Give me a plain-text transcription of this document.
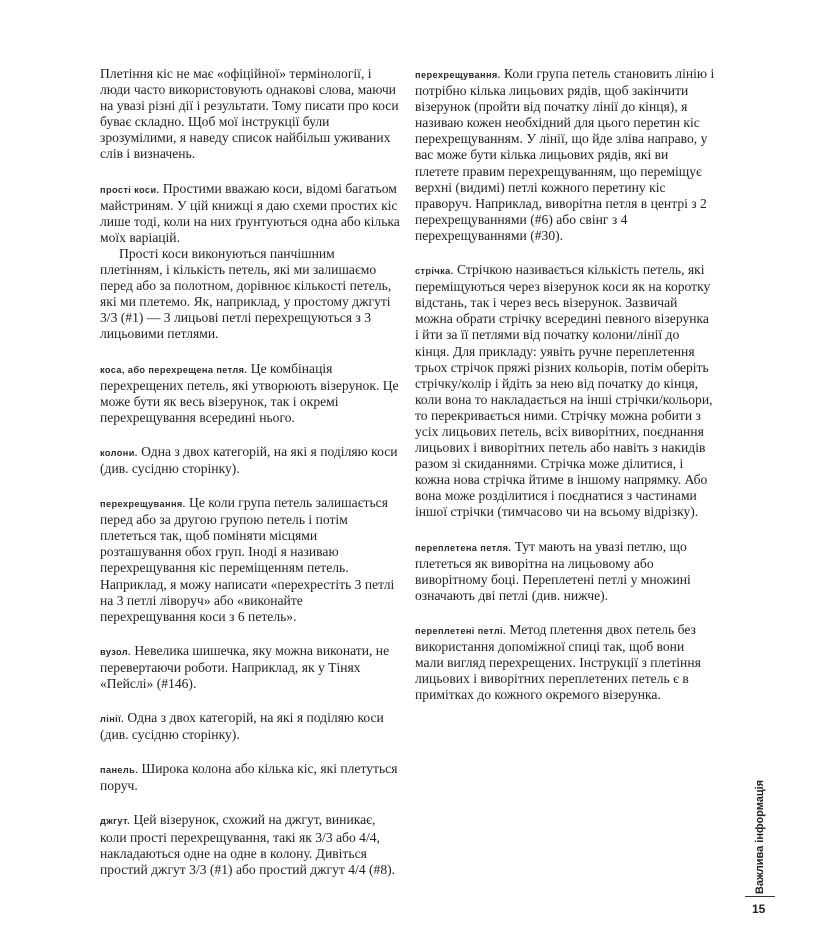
Плетіння кіс не має «офіційної» термінології, і люди часто використовують однакові слова, маючи на увазі різні дії і результати. Тому писати про коси буває складно. Щоб мої інструкції були зрозумілими, я наведу список найбільш уживаних слів і визначень.

прості коси. Простими вважаю коси, відомі багатьом майстриням. У цій книжці я даю схеми простих кіс лише тоді, коли на них ґрунтуються одна або кілька моїх варіацій.

Прості коси виконуються панчішним плетінням, і кількість петель, які ми залишаємо перед або за полотном, дорівнює кількості петель, які ми плетемо. Як, наприклад, у простому джгуті 3/3 (#1) — 3 лицьові петлі перехрещуються з 3 лицьовими петлями.

коса, або перехрещена петля. Це комбінація перехрещених петель, які утворюють візерунок. Це може бути як весь візерунок, так і окремі перехрещування всередині нього.

колони. Одна з двох категорій, на які я поділяю коси (див. сусідню сторінку).

перехрещування. Це коли група петель залишається перед або за другою групою петель і потім плететься так, щоб поміняти місцями розташування обох груп. Іноді я називаю перехрещування кіс переміщенням петель. Наприклад, я можу написати «перехрестіть 3 петлі на 3 петлі ліворуч» або «виконайте перехрещування коси з 6 петель».

вузол. Невелика шишечка, яку можна виконати, не перевертаючи роботи. Наприклад, як у Тінях «Пейслі» (#146).

лінії. Одна з двох категорій, на які я поділяю коси (див. сусідню сторінку).

панель. Широка колона або кілька кіс, які плетуться поруч.

джгут. Цей візерунок, схожий на джгут, виникає, коли прості перехрещування, такі як 3/3 або 4/4, накладаються одне на одне в колону. Дивіться простий джгут 3/3 (#1) або простий джгут 4/4 (#8).

перехрещування. Коли група петель становить лінію і потрібно кілька лицьових рядів, щоб закінчити візерунок (пройти від початку лінії до кінця), я називаю кожен необхідний для цього перетин кіс перехрещуванням. У лінії, що йде зліва направо, у вас може бути кілька лицьових рядів, які ви плетете правим перехрещуванням, що переміщує верхні (видимі) петлі кожного перетину кіс праворуч. Наприклад, виворітна петля в центрі з 2 перехрещуваннями (#6) або свінг з 4 перехрещуваннями (#30).

стрічка. Стрічкою називається кількість петель, які переміщуються через візерунок коси як на коротку відстань, так і через весь візерунок. Зазвичай можна обрати стрічку всередині певного візерунка і йти за її петлями від початку колони/лінії до кінця. Для прикладу: уявіть ручне переплетення трьох стрічок пряжі різних кольорів, потім оберіть стрічку/колір і йдіть за нею від початку до кінця, коли вона то накладається на інші стрічки/кольори, то перекривається ними. Стрічку можна робити з усіх лицьових петель, всіх виворітних, поєднання лицьових і виворітних петель або навіть з накидів разом зі скиданнями. Стрічка може ділитися, і кожна нова стрічка йтиме в іншому напрямку. Або вона може розділитися і поєднатися з частинами іншої стрічки (тимчасово чи на всьому відрізку).

переплетена петля. Тут мають на увазі петлю, що плететься як виворітна на лицьовому або виворітному боці. Переплетені петлі у множині означають дві петлі (див. нижче).

переплетені петлі. Метод плетення двох петель без використання допоміжної спиці так, щоб вони мали вигляд перехрещених. Інструкції з плетіння лицьових і виворітних переплетених петель є в примітках до кожного окремого візерунка.

Важлива інформація
15
